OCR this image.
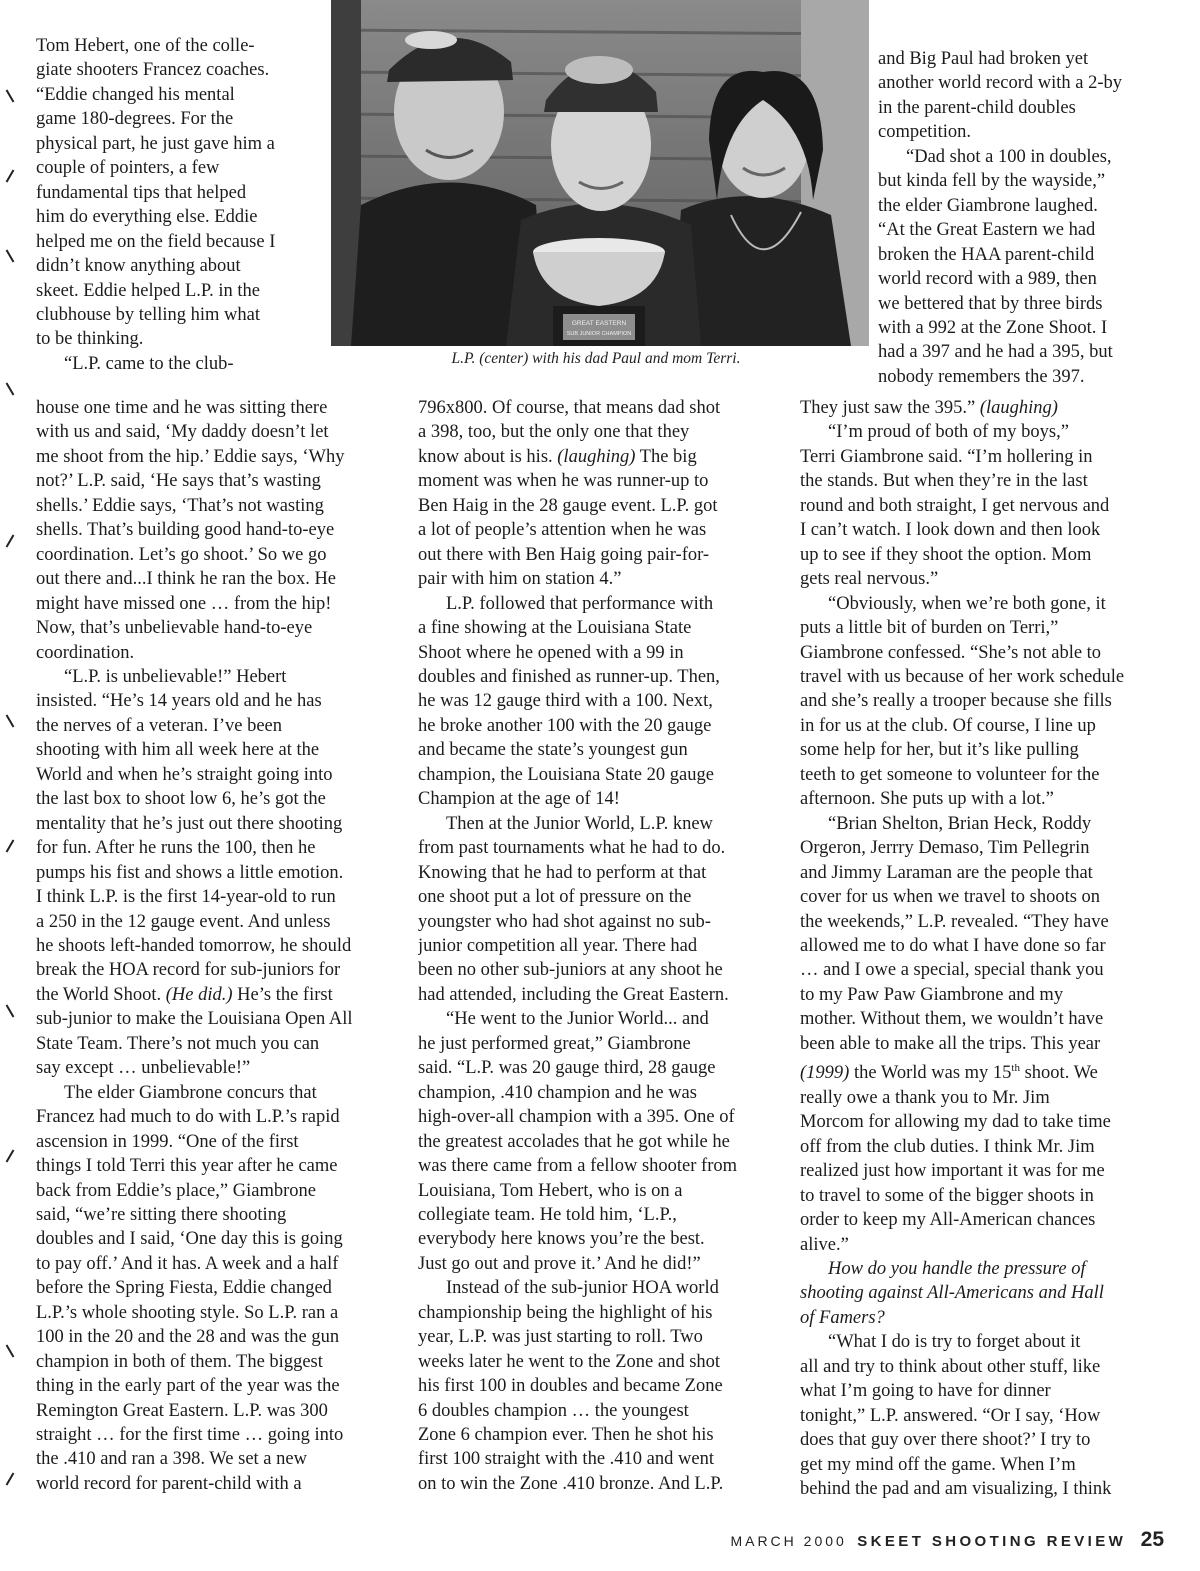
GREAT EASTERN
SUB JUNIOR CHAMPION
L.P. (center) with his dad Paul and mom Terri.
Tom Hebert, one of the colle-
giate shooters Francez coaches.
“Eddie changed his mental
game 180-degrees. For the
physical part, he just gave him a
couple of pointers, a few
fundamental tips that helped
him do everything else. Eddie
helped me on the field because I
didn’t know anything about
skeet. Eddie helped L.P. in the
clubhouse by telling him what
to be thinking.
“L.P. came to the club-
house one time and he was sitting there
with us and said, ‘My daddy doesn’t let
me shoot from the hip.’ Eddie says, ‘Why
not?’ L.P. said, ‘He says that’s wasting
shells.’ Eddie says, ‘That’s not wasting
shells. That’s building good hand-to-eye
coordination. Let’s go shoot.’ So we go
out there and...I think he ran the box. He
might have missed one … from the hip!
Now, that’s unbelievable hand-to-eye
coordination.
“L.P. is unbelievable!” Hebert
insisted. “He’s 14 years old and he has
the nerves of a veteran. I’ve been
shooting with him all week here at the
World and when he’s straight going into
the last box to shoot low 6, he’s got the
mentality that he’s just out there shooting
for fun. After he runs the 100, then he
pumps his fist and shows a little emotion.
I think L.P. is the first 14-year-old to run
a 250 in the 12 gauge event. And unless
he shoots left-handed tomorrow, he should
break the HOA record for sub-juniors for
the World Shoot. (He did.) He’s the first
sub-junior to make the Louisiana Open All
State Team. There’s not much you can
say except … unbelievable!”
The elder Giambrone concurs that
Francez had much to do with L.P.’s rapid
ascension in 1999. “One of the first
things I told Terri this year after he came
back from Eddie’s place,” Giambrone
said, “we’re sitting there shooting
doubles and I said, ‘One day this is going
to pay off.’ And it has. A week and a half
before the Spring Fiesta, Eddie changed
L.P.’s whole shooting style. So L.P. ran a
100 in the 20 and the 28 and was the gun
champion in both of them. The biggest
thing in the early part of the year was the
Remington Great Eastern. L.P. was 300
straight … for the first time … going into
the .410 and ran a 398. We set a new
world record for parent-child with a
796x800. Of course, that means dad shot
a 398, too, but the only one that they
know about is his. (laughing) The big
moment was when he was runner-up to
Ben Haig in the 28 gauge event. L.P. got
a lot of people’s attention when he was
out there with Ben Haig going pair-for-
pair with him on station 4.”
L.P. followed that performance with
a fine showing at the Louisiana State
Shoot where he opened with a 99 in
doubles and finished as runner-up. Then,
he was 12 gauge third with a 100. Next,
he broke another 100 with the 20 gauge
and became the state’s youngest gun
champion, the Louisiana State 20 gauge
Champion at the age of 14!
Then at the Junior World, L.P. knew
from past tournaments what he had to do.
Knowing that he had to perform at that
one shoot put a lot of pressure on the
youngster who had shot against no sub-
junior competition all year. There had
been no other sub-juniors at any shoot he
had attended, including the Great Eastern.
“He went to the Junior World... and
he just performed great,” Giambrone
said. “L.P. was 20 gauge third, 28 gauge
champion, .410 champion and he was
high-over-all champion with a 395. One of
the greatest accolades that he got while he
was there came from a fellow shooter from
Louisiana, Tom Hebert, who is on a
collegiate team. He told him, ‘L.P.,
everybody here knows you’re the best.
Just go out and prove it.’ And he did!”
Instead of the sub-junior HOA world
championship being the highlight of his
year, L.P. was just starting to roll. Two
weeks later he went to the Zone and shot
his first 100 in doubles and became Zone
6 doubles champion … the youngest
Zone 6 champion ever. Then he shot his
first 100 straight with the .410 and went
on to win the Zone .410 bronze. And L.P.
and Big Paul had broken yet
another world record with a 2-by
in the parent-child doubles
competition.
“Dad shot a 100 in doubles,
but kinda fell by the wayside,”
the elder Giambrone laughed.
“At the Great Eastern we had
broken the HAA parent-child
world record with a 989, then
we bettered that by three birds
with a 992 at the Zone Shoot. I
had a 397 and he had a 395, but
nobody remembers the 397.
They just saw the 395.” (laughing)
“I’m proud of both of my boys,”
Terri Giambrone said. “I’m hollering in
the stands. But when they’re in the last
round and both straight, I get nervous and
I can’t watch. I look down and then look
up to see if they shoot the option. Mom
gets real nervous.”
“Obviously, when we’re both gone, it
puts a little bit of burden on Terri,”
Giambrone confessed. “She’s not able to
travel with us because of her work schedule
and she’s really a trooper because she fills
in for us at the club. Of course, I line up
some help for her, but it’s like pulling
teeth to get someone to volunteer for the
afternoon. She puts up with a lot.”
“Brian Shelton, Brian Heck, Roddy
Orgeron, Jerrry Demaso, Tim Pellegrin
and Jimmy Laraman are the people that
cover for us when we travel to shoots on
the weekends,” L.P. revealed. “They have
allowed me to do what I have done so far
… and I owe a special, special thank you
to my Paw Paw Giambrone and my
mother. Without them, we wouldn’t have
been able to make all the trips. This year
(1999) the World was my 15th shoot. We
really owe a thank you to Mr. Jim
Morcom for allowing my dad to take time
off from the club duties. I think Mr. Jim
realized just how important it was for me
to travel to some of the bigger shoots in
order to keep my All-American chances
alive.”
How do you handle the pressure of
shooting against All-Americans and Hall
of Famers?
“What I do is try to forget about it
all and try to think about other stuff, like
what I’m going to have for dinner
tonight,” L.P. answered. “Or I say, ‘How
does that guy over there shoot?’ I try to
get my mind off the game. When I’m
behind the pad and am visualizing, I think
MARCH 2000 SKEET SHOOTING REVIEW 25
